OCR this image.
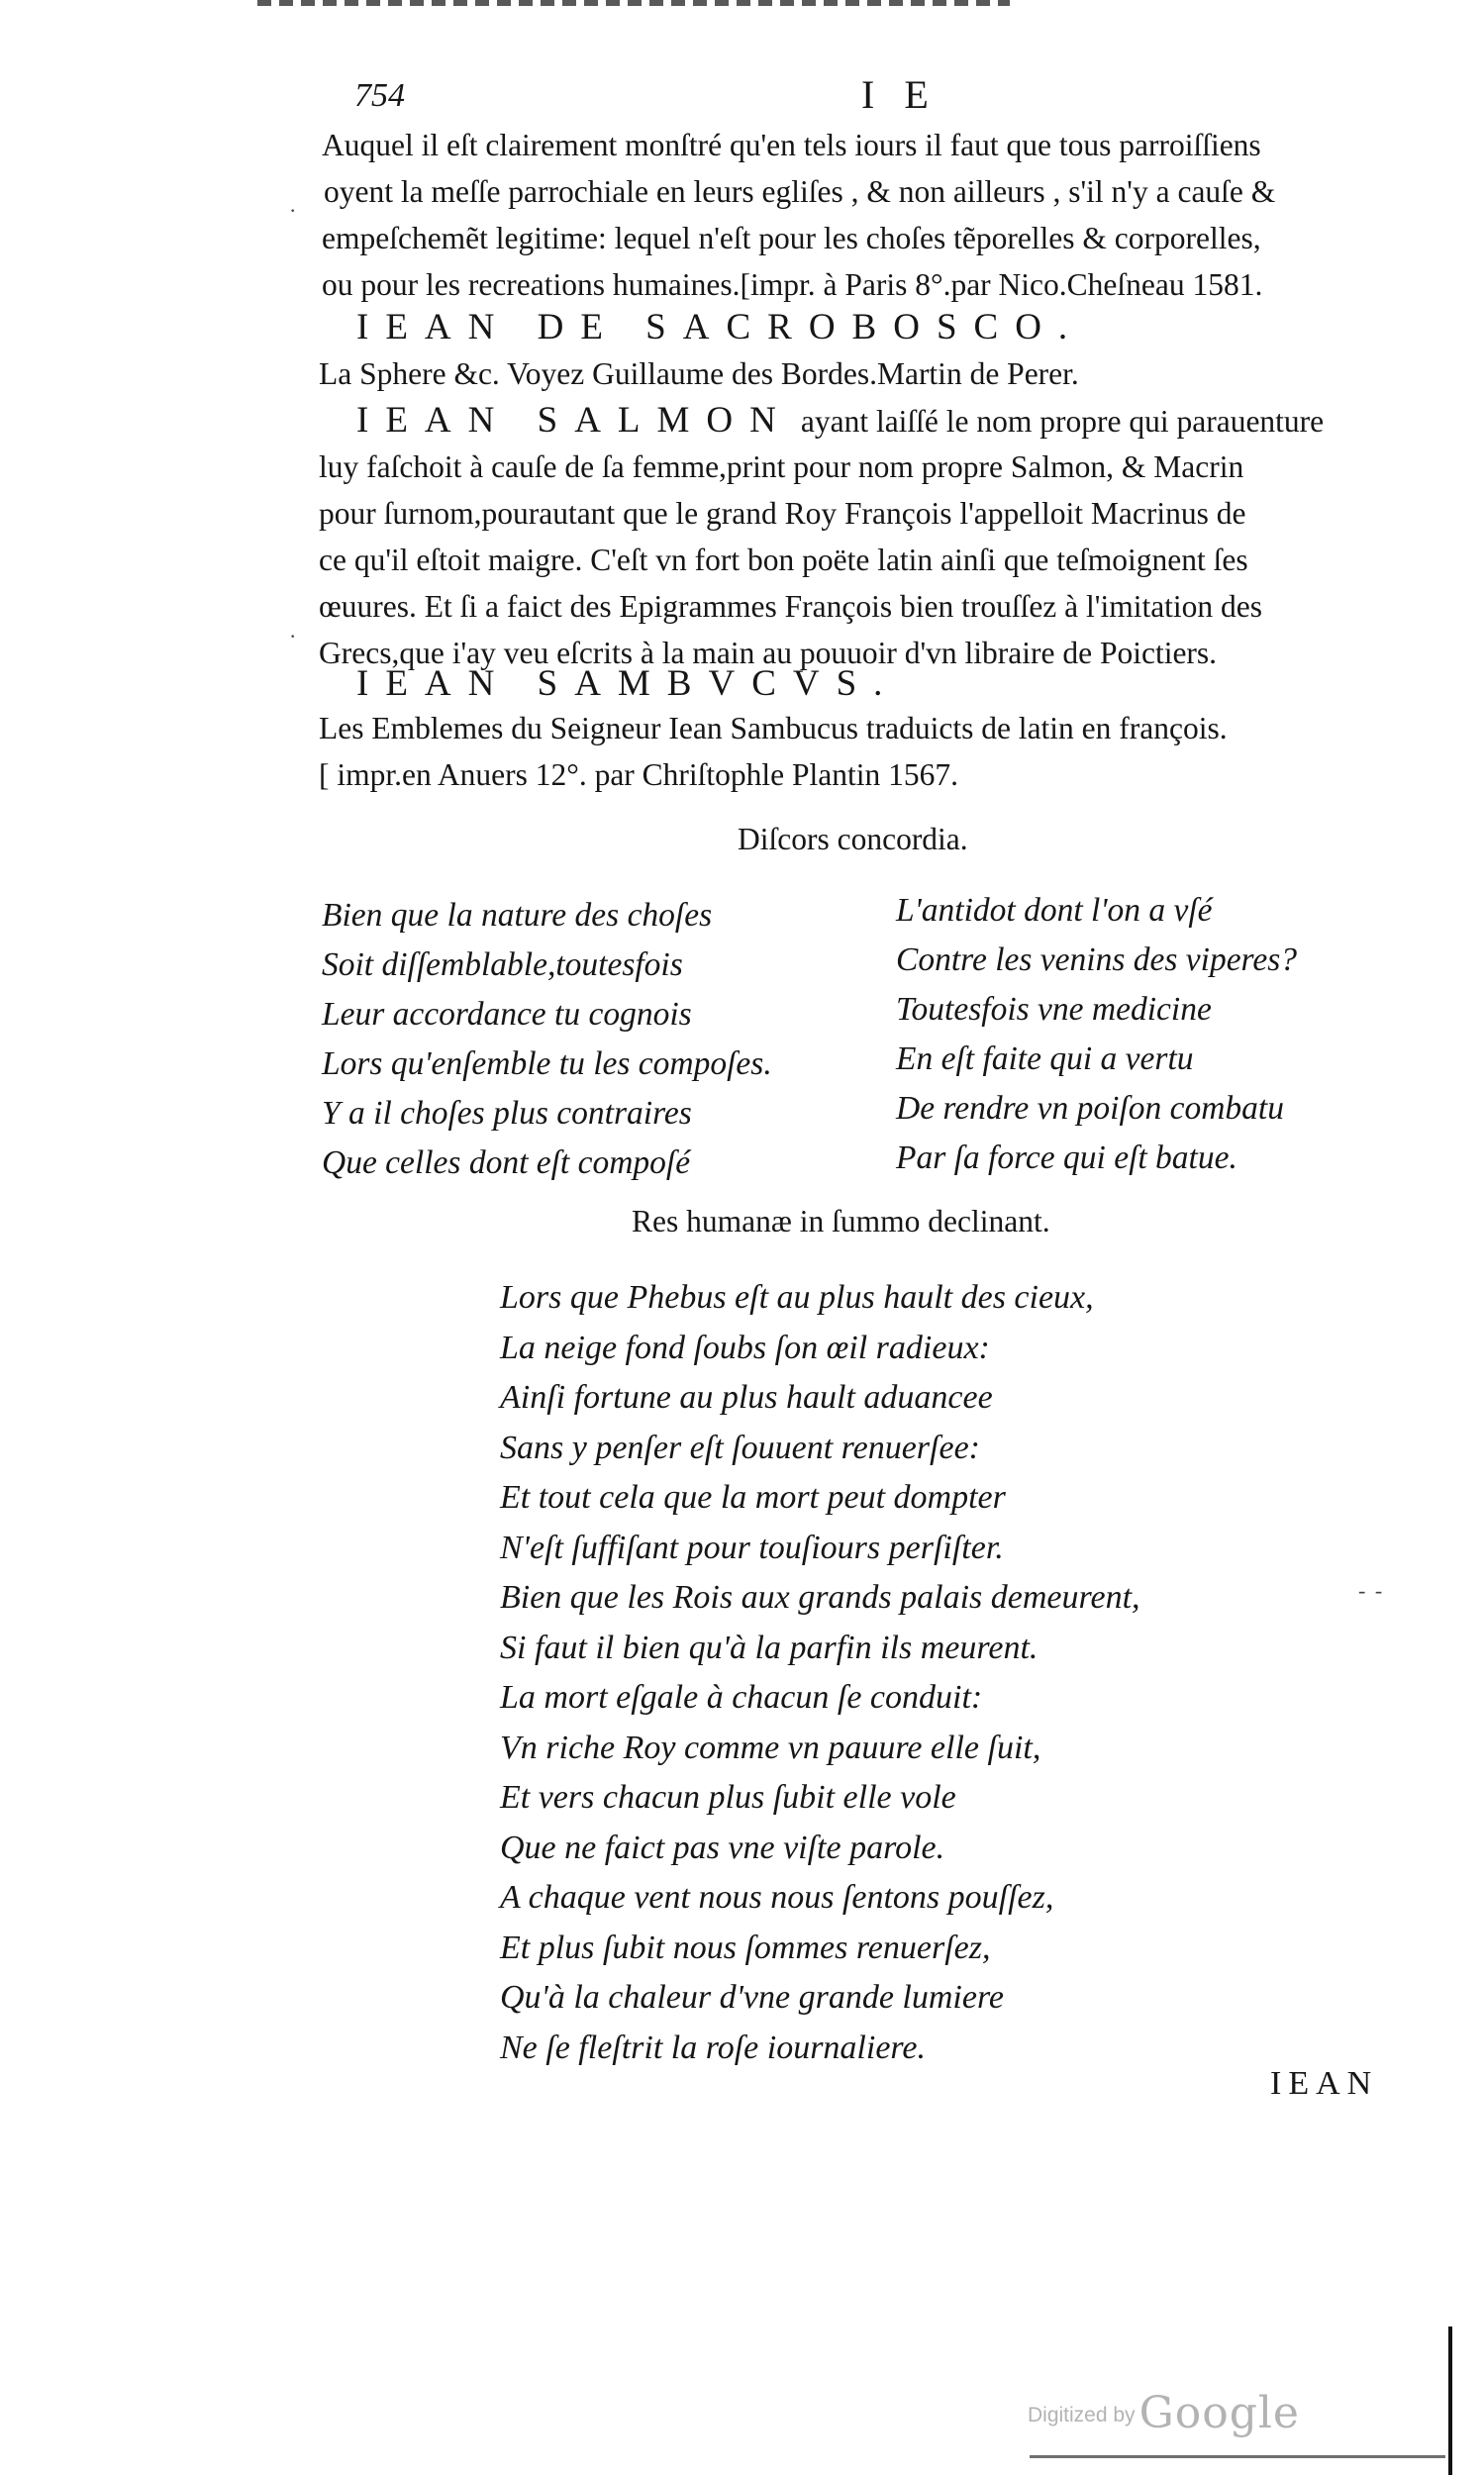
754	I E
Auquel il eſt clairement monſtré qu'en tels iours il faut que tous parroiſſiens
oyent la meſſe parrochiale en leurs egliſes , & non ailleurs , s'il n'y a cauſe &
empeſchemẽt legitime: lequel n'eſt pour les choſes tẽporelles & corporelles,
ou pour les recreations humaines.[impr. à Paris 8°.par Nico.Cheſneau 1581.
·
IEAN DE SACROBOSCO.
La Sphere &c. Voyez Guillaume des Bordes.Martin de Perer.
IEAN SALMON ayant laiſſé le nom propre qui parauenture
luy faſchoit à cauſe de ſa femme,print pour nom propre Salmon, & Macrin
pour ſurnom,pourautant que le grand Roy François l'appelloit Macrinus de
ce qu'il eſtoit maigre. C'eſt vn fort bon poëte latin ainſi que teſmoignent ſes
œuures. Et ſi a faict des Epigrammes François bien trouſſez à l'imitation des
Grecs,que i'ay veu eſcrits à la main au pouuoir d'vn libraire de Poictiers.
·
IEAN SAMBVCVS.
Les Emblemes du Seigneur Iean Sambucus traduicts de latin en françois.
[ impr.en Anuers 12°. par Chriſtophle Plantin 1567.
Diſcors concordia.
Bien que la nature des choſes
Soit diſſemblable,toutesfois
Leur accordance tu cognois
Lors qu'enſemble tu les compoſes.
Y a il choſes plus contraires
Que celles dont eſt compoſé
L'antidot dont l'on a vſé
Contre les venins des viperes?
Toutesfois vne medicine
En eſt faite qui a vertu
De rendre vn poiſon combatu
Par ſa force qui eſt batue.
Res humanæ in ſummo declinant.
Lors que Phebus eſt au plus hault des cieux,
La neige fond ſoubs ſon œil radieux:
Ainſi fortune au plus hault aduancee
Sans y penſer eſt ſouuent renuerſee:
Et tout cela que la mort peut dompter
N'eſt ſuffiſant pour touſiours perſiſter.
Bien que les Rois aux grands palais demeurent,
Si faut il bien qu'à la parfin ils meurent.
La mort eſgale à chacun ſe conduit:
Vn riche Roy comme vn pauure elle ſuit,
Et vers chacun plus ſubit elle vole
Que ne faict pas vne viſte parole.
A chaque vent nous nous ſentons pouſſez,
Et plus ſubit nous ſommes renuerſez,
Qu'à la chaleur d'vne grande lumiere
Ne ſe fleſtrit la roſe iournaliere.
- -
IEAN
Digitized by Google
